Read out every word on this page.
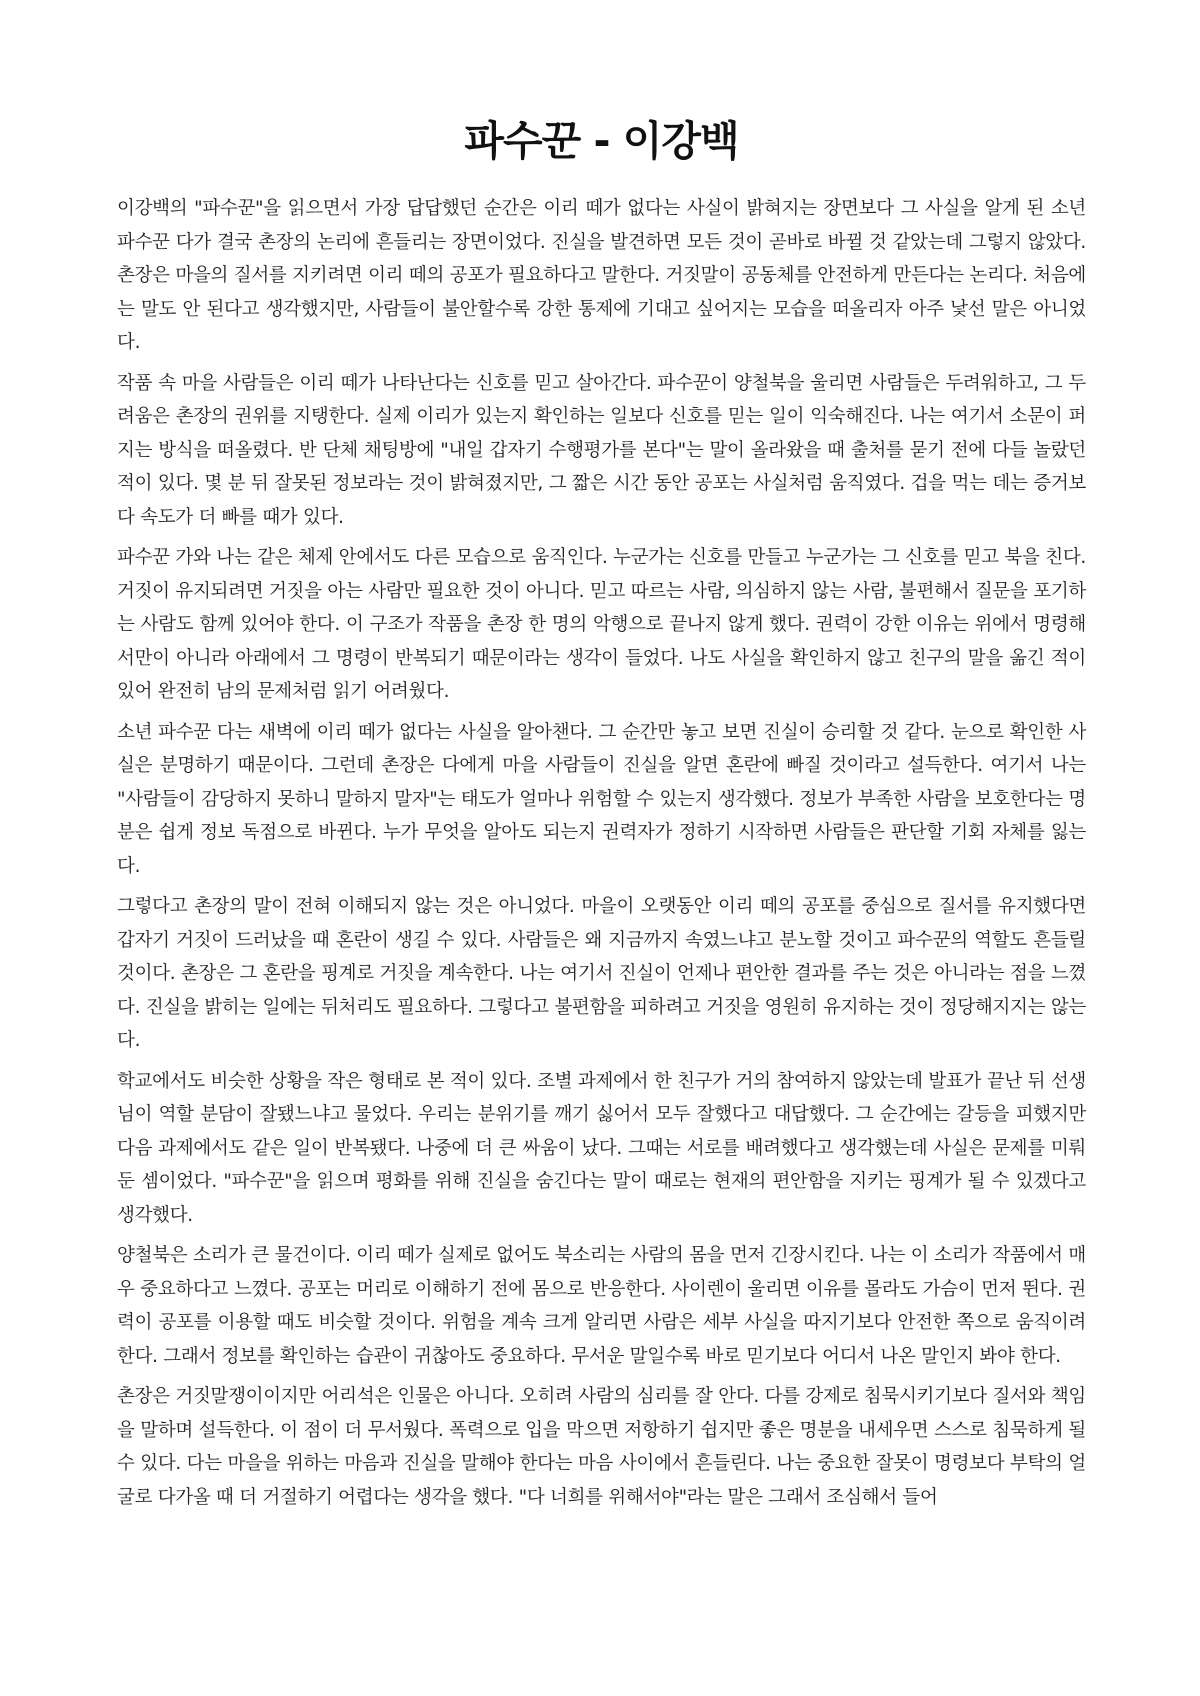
파수꾼 - 이강백

이강백의 "파수꾼"을 읽으면서 가장 답답했던 순간은 이리 떼가 없다는 사실이 밝혀지는 장면보다 그 사실을 알게 된 소년 파수꾼 다가 결국 촌장의 논리에 흔들리는 장면이었다. 진실을 발견하면 모든 것이 곧바로 바뀔 것 같았는데 그렇지 않았다. 촌장은 마을의 질서를 지키려면 이리 떼의 공포가 필요하다고 말한다. 거짓말이 공동체를 안전하게 만든다는 논리다. 처음에는 말도 안 된다고 생각했지만, 사람들이 불안할수록 강한 통제에 기대고 싶어지는 모습을 떠올리자 아주 낯선 말은 아니었다.

작품 속 마을 사람들은 이리 떼가 나타난다는 신호를 믿고 살아간다. 파수꾼이 양철북을 울리면 사람들은 두려워하고, 그 두려움은 촌장의 권위를 지탱한다. 실제 이리가 있는지 확인하는 일보다 신호를 믿는 일이 익숙해진다. 나는 여기서 소문이 퍼지는 방식을 떠올렸다. 반 단체 채팅방에 "내일 갑자기 수행평가를 본다"는 말이 올라왔을 때 출처를 묻기 전에 다들 놀랐던 적이 있다. 몇 분 뒤 잘못된 정보라는 것이 밝혀졌지만, 그 짧은 시간 동안 공포는 사실처럼 움직였다. 겁을 먹는 데는 증거보다 속도가 더 빠를 때가 있다.

파수꾼 가와 나는 같은 체제 안에서도 다른 모습으로 움직인다. 누군가는 신호를 만들고 누군가는 그 신호를 믿고 북을 친다. 거짓이 유지되려면 거짓을 아는 사람만 필요한 것이 아니다. 믿고 따르는 사람, 의심하지 않는 사람, 불편해서 질문을 포기하는 사람도 함께 있어야 한다. 이 구조가 작품을 촌장 한 명의 악행으로 끝나지 않게 했다. 권력이 강한 이유는 위에서 명령해서만이 아니라 아래에서 그 명령이 반복되기 때문이라는 생각이 들었다. 나도 사실을 확인하지 않고 친구의 말을 옮긴 적이 있어 완전히 남의 문제처럼 읽기 어려웠다.

소년 파수꾼 다는 새벽에 이리 떼가 없다는 사실을 알아챈다. 그 순간만 놓고 보면 진실이 승리할 것 같다. 눈으로 확인한 사실은 분명하기 때문이다. 그런데 촌장은 다에게 마을 사람들이 진실을 알면 혼란에 빠질 것이라고 설득한다. 여기서 나는 "사람들이 감당하지 못하니 말하지 말자"는 태도가 얼마나 위험할 수 있는지 생각했다. 정보가 부족한 사람을 보호한다는 명분은 쉽게 정보 독점으로 바뀐다. 누가 무엇을 알아도 되는지 권력자가 정하기 시작하면 사람들은 판단할 기회 자체를 잃는다.

그렇다고 촌장의 말이 전혀 이해되지 않는 것은 아니었다. 마을이 오랫동안 이리 떼의 공포를 중심으로 질서를 유지했다면 갑자기 거짓이 드러났을 때 혼란이 생길 수 있다. 사람들은 왜 지금까지 속였느냐고 분노할 것이고 파수꾼의 역할도 흔들릴 것이다. 촌장은 그 혼란을 핑계로 거짓을 계속한다. 나는 여기서 진실이 언제나 편안한 결과를 주는 것은 아니라는 점을 느꼈다. 진실을 밝히는 일에는 뒤처리도 필요하다. 그렇다고 불편함을 피하려고 거짓을 영원히 유지하는 것이 정당해지지는 않는다.

학교에서도 비슷한 상황을 작은 형태로 본 적이 있다. 조별 과제에서 한 친구가 거의 참여하지 않았는데 발표가 끝난 뒤 선생님이 역할 분담이 잘됐느냐고 물었다. 우리는 분위기를 깨기 싫어서 모두 잘했다고 대답했다. 그 순간에는 갈등을 피했지만 다음 과제에서도 같은 일이 반복됐다. 나중에 더 큰 싸움이 났다. 그때는 서로를 배려했다고 생각했는데 사실은 문제를 미뤄 둔 셈이었다. "파수꾼"을 읽으며 평화를 위해 진실을 숨긴다는 말이 때로는 현재의 편안함을 지키는 핑계가 될 수 있겠다고 생각했다.

양철북은 소리가 큰 물건이다. 이리 떼가 실제로 없어도 북소리는 사람의 몸을 먼저 긴장시킨다. 나는 이 소리가 작품에서 매우 중요하다고 느꼈다. 공포는 머리로 이해하기 전에 몸으로 반응한다. 사이렌이 울리면 이유를 몰라도 가슴이 먼저 뛴다. 권력이 공포를 이용할 때도 비슷할 것이다. 위험을 계속 크게 알리면 사람은 세부 사실을 따지기보다 안전한 쪽으로 움직이려 한다. 그래서 정보를 확인하는 습관이 귀찮아도 중요하다. 무서운 말일수록 바로 믿기보다 어디서 나온 말인지 봐야 한다.

촌장은 거짓말쟁이이지만 어리석은 인물은 아니다. 오히려 사람의 심리를 잘 안다. 다를 강제로 침묵시키기보다 질서와 책임을 말하며 설득한다. 이 점이 더 무서웠다. 폭력으로 입을 막으면 저항하기 쉽지만 좋은 명분을 내세우면 스스로 침묵하게 될 수 있다. 다는 마을을 위하는 마음과 진실을 말해야 한다는 마음 사이에서 흔들린다. 나는 중요한 잘못이 명령보다 부탁의 얼굴로 다가올 때 더 거절하기 어렵다는 생각을 했다. "다 너희를 위해서야"라는 말은 그래서 조심해서 들어
